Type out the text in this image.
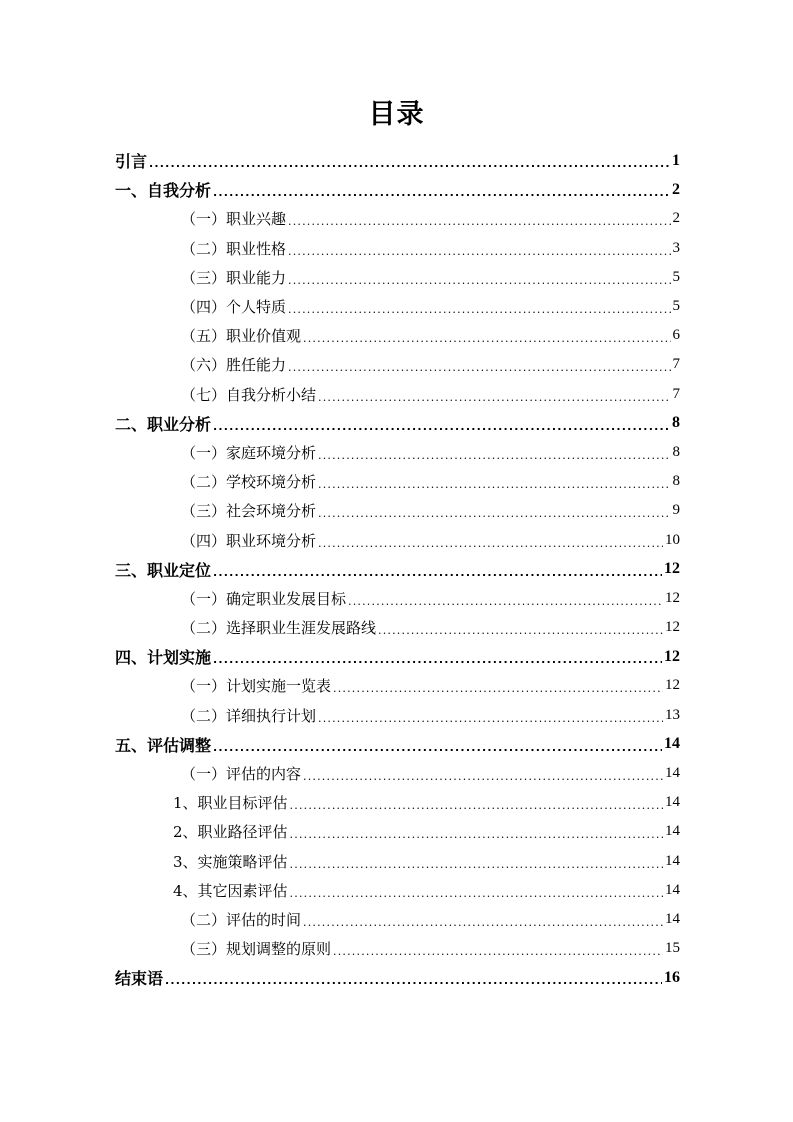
目录
引言 .....	1
一、自我分析 .....	2
（一）职业兴趣 .....	2
（二）职业性格 .....	3
（三）职业能力 .....	5
（四）个人特质 .....	5
（五）职业价值观 .....	6
（六）胜任能力 .....	7
（七）自我分析小结 .....	7
二、职业分析 .....	8
（一）家庭环境分析 .....	8
（二）学校环境分析 .....	8
（三）社会环境分析 .....	9
（四）职业环境分析 .....	10
三、职业定位 .....	12
（一）确定职业发展目标 .....	12
（二）选择职业生涯发展路线 .....	12
四、计划实施 .....	12
（一）计划实施一览表 .....	12
（二）详细执行计划 .....	13
五、评估调整 .....	14
（一）评估的内容 .....	14
1、职业目标评估 .....	14
2、职业路径评估 .....	14
3、实施策略评估 .....	14
4、其它因素评估 .....	14
（二）评估的时间 .....	14
（三）规划调整的原则 .....	15
结束语 .....	16
